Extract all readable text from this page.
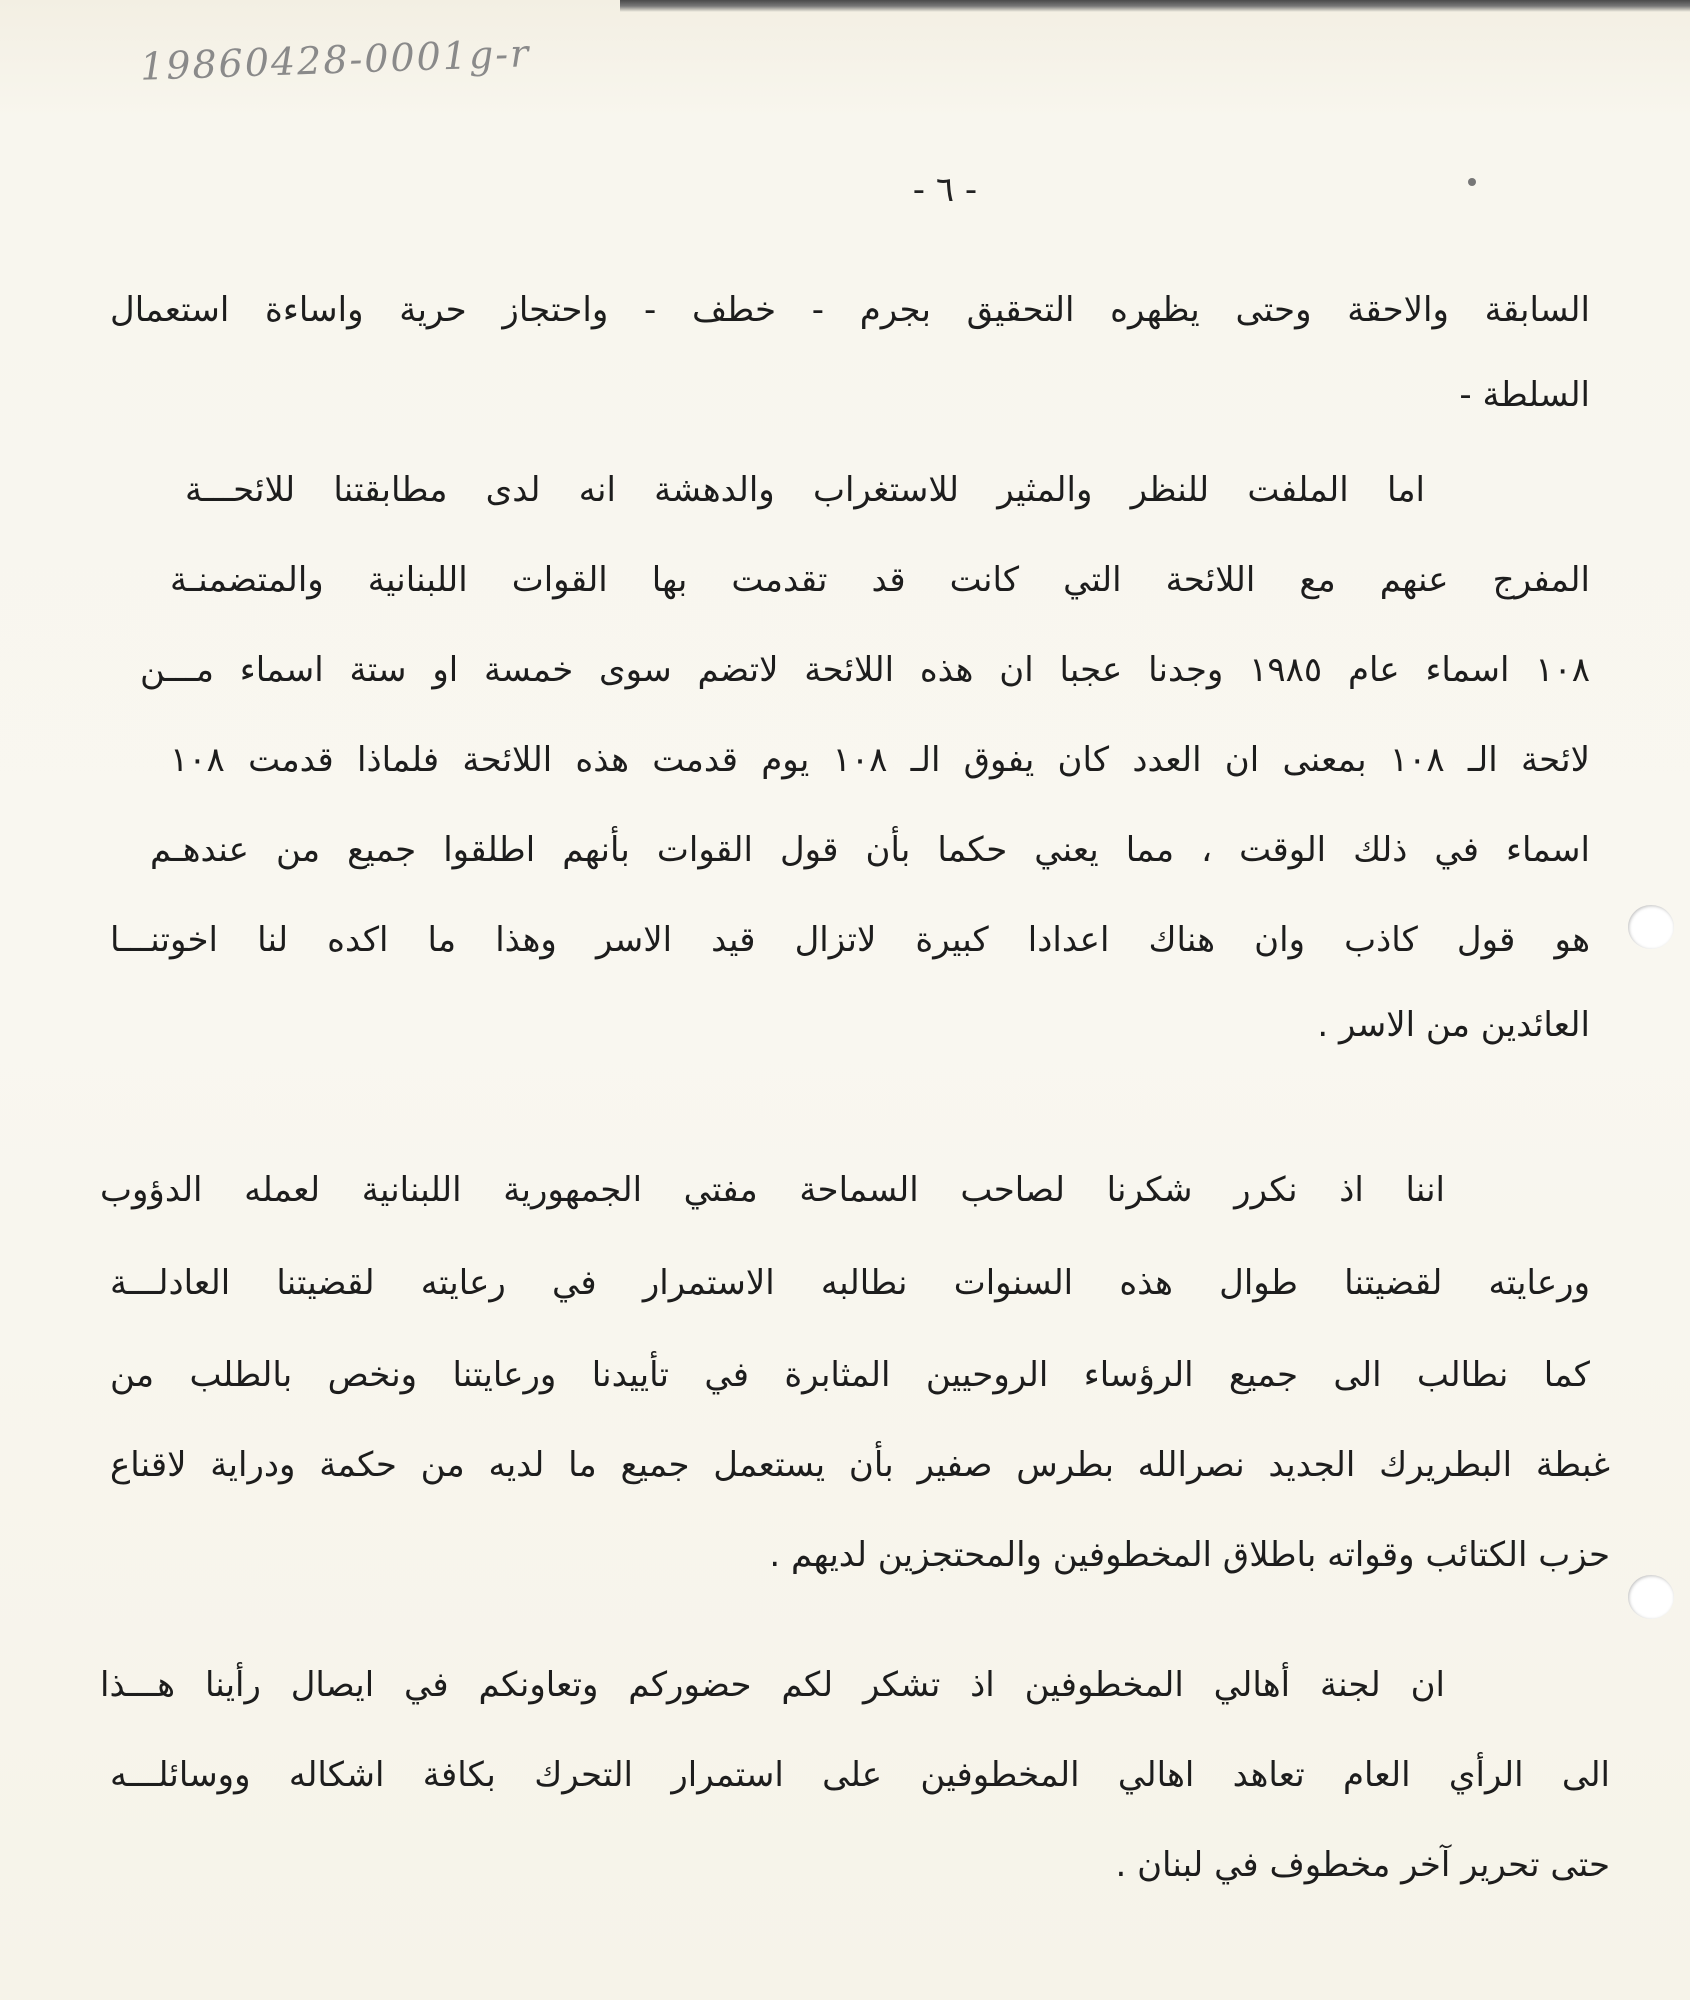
19860428-0001g-r
- ٦ -
السابقة والاحقة وحتى يظهره التحقيق بجرم - خطف - واحتجاز حرية واساءة استعمال
السلطة -
اما الملفت للنظر والمثير للاستغراب والدهشة انه لدى مطابقتنا للائحـــة
المفرج عنهم مع اللائحة التي كانت قد تقدمت بها القوات اللبنانية والمتضمنـة
١٠٨ اسماء عام ١٩٨٥ وجدنا عجبا ان هذه اللائحة لاتضم سوى خمسة او ستة اسماء مـــن
لائحة الـ ١٠٨ بمعنى ان العدد كان يفوق الـ ١٠٨ يوم قدمت هذه اللائحة فلماذا قدمت ١٠٨
اسماء في ذلك الوقت ، مما يعني حكما بأن قول القوات بأنهم اطلقوا جميع من عندهـم
هو قول كاذب وان هناك اعدادا كبيرة لاتزال قيد الاسر وهذا ما اكده لنا اخوتنـــا
العائدين من الاسر .
اننا اذ نكرر شكرنا لصاحب السماحة مفتي الجمهورية اللبنانية لعمله الدؤوب
ورعايته لقضيتنا طوال هذه السنوات نطالبه الاستمرار في رعايته لقضيتنا العادلـــة
كما نطالب الى جميع الرؤساء الروحيين المثابرة في تأييدنا ورعايتنا ونخص بالطلب من
غبطة البطريرك الجديد نصرالله بطرس صفير بأن يستعمل جميع ما لديه من حكمة ودراية لاقناع
حزب الكتائب وقواته باطلاق المخطوفين والمحتجزين لديهم .
ان لجنة أهالي المخطوفين اذ تشكر لكم حضوركم وتعاونكم في ايصال رأينا هـــذا
الى الرأي العام تعاهد اهالي المخطوفين على استمرار التحرك بكافة اشكاله ووسائلـــه
حتى تحرير آخر مخطوف في لبنان .
